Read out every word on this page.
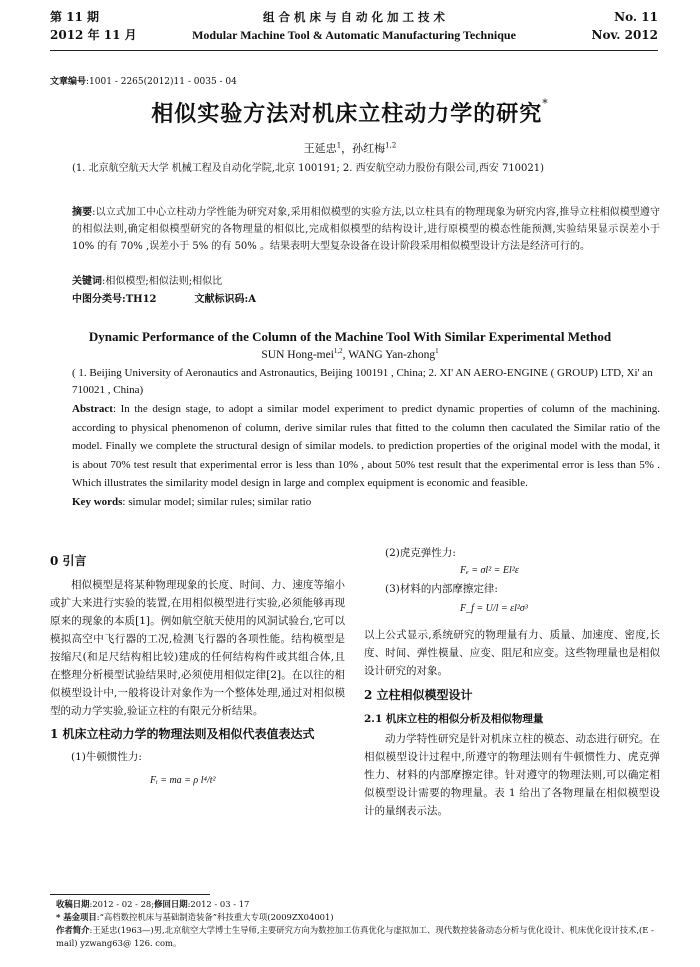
第 11 期
2012 年 11 月
组 合 机 床 与 自 动 化 加 工 技 术
Modular Machine Tool & Automatic Manufacturing Technique
No. 11
Nov. 2012
文章编号:1001 - 2265(2012)11 - 0035 - 04
相似实验方法对机床立柱动力学的研究*
王延忠$^1$，孙红梅$^{1,2}$
(1. 北京航空航天大学 机械工程及自动化学院,北京 100191; 2. 西安航空动力股份有限公司,西安 710021)
摘要:以立式加工中心立柱动力学性能为研究对象,采用相似模型的实验方法,以立柱具有的物理现象为研究内容,推导立柱相似模型遵守的相似法则,确定相似模型研究的各物理量的相似比,完成相似模型的结构设计,进行原模型的模态性能预测,实验结果显示误差小于 10% 的有 70% ,误差小于 5% 的有 50% 。结果表明大型复杂设备在设计阶段采用相似模型设计方法是经济可行的。
关键词:相似模型;相似法则;相似比
中图分类号:TH12	文献标识码:A
Dynamic Performance of the Column of the Machine Tool With Similar Experimental Method
SUN Hong-mei$^{1,2}$, WANG Yan-zhong$^1$
( 1. Beijing University of Aeronautics and Astronautics, Beijing 100191 , China; 2. XI' AN AERO-ENGINE ( GROUP) LTD, Xi' an 710021 , China)
Abstract: In the design stage, to adopt a similar model experiment to predict dynamic properties of column of the machining. according to physical phenomenon of column, derive similar rules that fitted to the column then caculated the Similar ratio of the model. Finally we complete the structural design of similar models. to prediction properties of the original model with the modal, it is about 70% test result that experimental error is less than 10% , about 50% test result that the experimental error is less than 5% . Which illustrates the similarity model design in large and complex equipment is economic and feasible.
Key words: simular model; similar rules; similar ratio
0 引言
相似模型是将某种物理现象的长度、时间、力、速度等缩小或扩大来进行实验的装置,在用相似模型进行实验,必须能够再现原来的现象的本质[1]。例如航空航天使用的风洞试验台,它可以模拟高空中飞行器的工况,检测飞行器的各项性能。结构模型是按缩尺(和足尺结构相比较)建成的任何结构构件或其组合体,且在整理分析模型试验结果时,必须使用相似定律[2]。在以往的相似模型设计中,一般将设计对象作为一个整体处理,通过对相似模型的动力学实验,验证立柱的有限元分析结果。
1 机床立柱动力学的物理法则及相似代表值表达式
(1)牛顿惯性力:
Fᵢ = ma = ρ l⁴/t²
(2)虎克弹性力:
Fₑ = σl² = El²ε
(3)材料的内部摩擦定律:
F_f = U/l = εl²σ³
以上公式显示,系统研究的物理量有力、质量、加速度、密度,长度、时间、弹性模量、应变、阻尼和应变。这些物理量也是相似设计研究的对象。
2 立柱相似模型设计
2.1 机床立柱的相似分析及相似物理量
动力学特性研究是针对机床立柱的模态、动态进行研究。在相似模型设计过程中,所遵守的物理法则有牛顿惯性力、虎克弹性力、材料的内部摩擦定律。针对遵守的物理法则,可以确定相似模型设计需要的物理量。表 1 给出了各物理量在相似模型设计的量纲表示法。
收稿日期:2012 - 02 - 28;修回日期:2012 - 03 - 17
* 基金项目:“高档数控机床与基础制造装备”科技重大专项(2009ZX04001)
作者简介:王延忠(1963—)男,北京航空大学博士生导师,主要研究方向为数控加工仿真优化与虚拟加工、现代数控装备动态分析与优化设计、机床优化设计技术,(E - mail) yzwang63@ 126. com。
